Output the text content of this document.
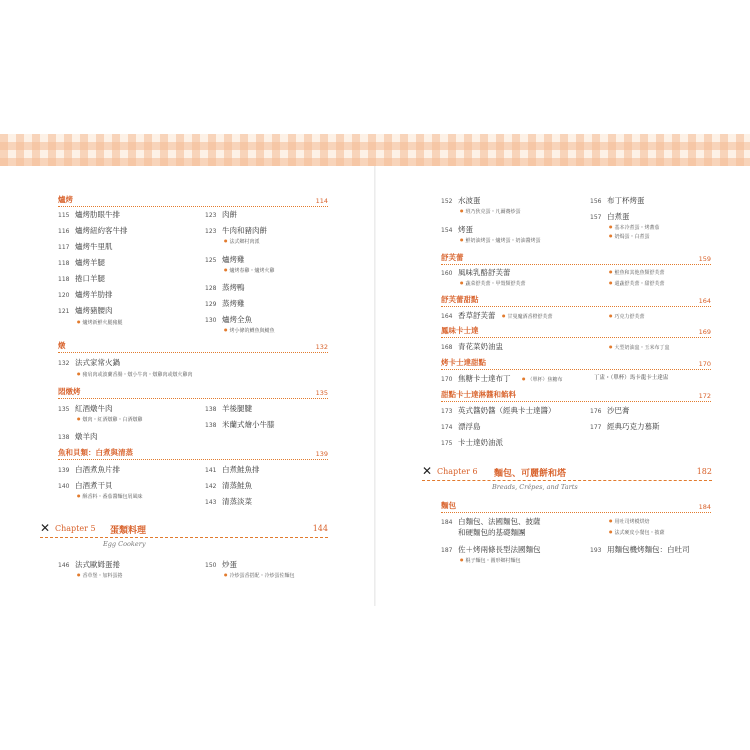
爐烤	114
115 爐烤肋眼牛排
116 爐烤紐約客牛排
117 爐烤牛里肌
118 爐烤羊腿
118 捲口羊腿
120 爐烤羊肋排
121 爐烤豬腰肉
● 爐烤新鮮火腿豬腿
123 肉餅
123 牛肉和豬肉餅
● 法式鄉村肉派
125 爐烤雞
● 爐烤春雞・爐烤火雞
128 蒸烤鴨
129 蒸烤雞
130 爐烤全魚
● 烤小條的鱒魚與鯖魚
燉	132
132 法式家常火鍋
● 豬肩肉或波蘭香腸・燉小牛肉・燉雞肉或燉火雞肉
悶燉烤	135
135 紅酒燉牛肉
● 燉肉・紅酒燉雞・白酒燉雞
138 燉羊肉
138 羊後腿腱
138 米蘭式燴小牛膝
魚和貝類：白煮與清蒸	139
139 白酒煮魚片排
140 白酒煮干貝
● 酥香料・番茄醬麵包屑風味
141 白煮鮭魚排
142 清蒸鮭魚
143 清蒸淡菜
✕ Chapter 5 蛋類料理	144
Egg Cookery
146 法式歐姆蛋捲
● 香草堡・加料蛋捲
150 炒蛋
● 冷炒蛋香搭配・冷炒蛋佐麵包
152 水波蛋
● 班乃狄克蛋・凡爾賽炒蛋
154 烤蛋
● 鮮奶油烤蛋・爐烤蛋・奶油醬烤蛋
156 布丁杯烤蛋
157 白煮蛋
● 基本冷煮蛋・烤蕃茄
● 奶焗蛋・白煮蛋
舒芙蕾	159
160 風味乳酪舒芙蕾
● 蔬菜舒芙蕾・甲殼類舒芙蕾
● 鮭魚和其他魚類舒芙蕾
● 還蔬舒芙蕾・甜舒芙蕾
舒芙蕾甜點	164
164 香草舒芙蕾	● 甘曼魔酒香橙舒芙蕾	● 巧克力舒芙蕾
鳳味卡士達	169
168 青花菜奶油盅	● 大型奶油盅・玉米布丁盅
烤卡士達甜點	170
170 焦糖卡士達布丁	● （單杯）焦糖布	丁盅・（單杯）馬卡龍卡士達盅
甜點卡士達淋醬和餡料	172
173 英式醬奶醬（經典卡士達醬）
174 漂浮島
175 卡士達奶油派
176 沙巴膏
177 經典巧克力慕斯
✕ Chapter 6 麵包、可麗餅和塔	182
Breads, Crêpes, and Tarts
麵包	184
184 白麵包、法國麵包、披薩
和硬麵包的基礎麵團
187 佐＋烤兩條長型法國麵包
● 棍子麵包・圓形鄉村麵包
● 用吐司烤模烘焙
● 法式硬皮小餐包・披薩
193 用麵包機烤麵包：白吐司
